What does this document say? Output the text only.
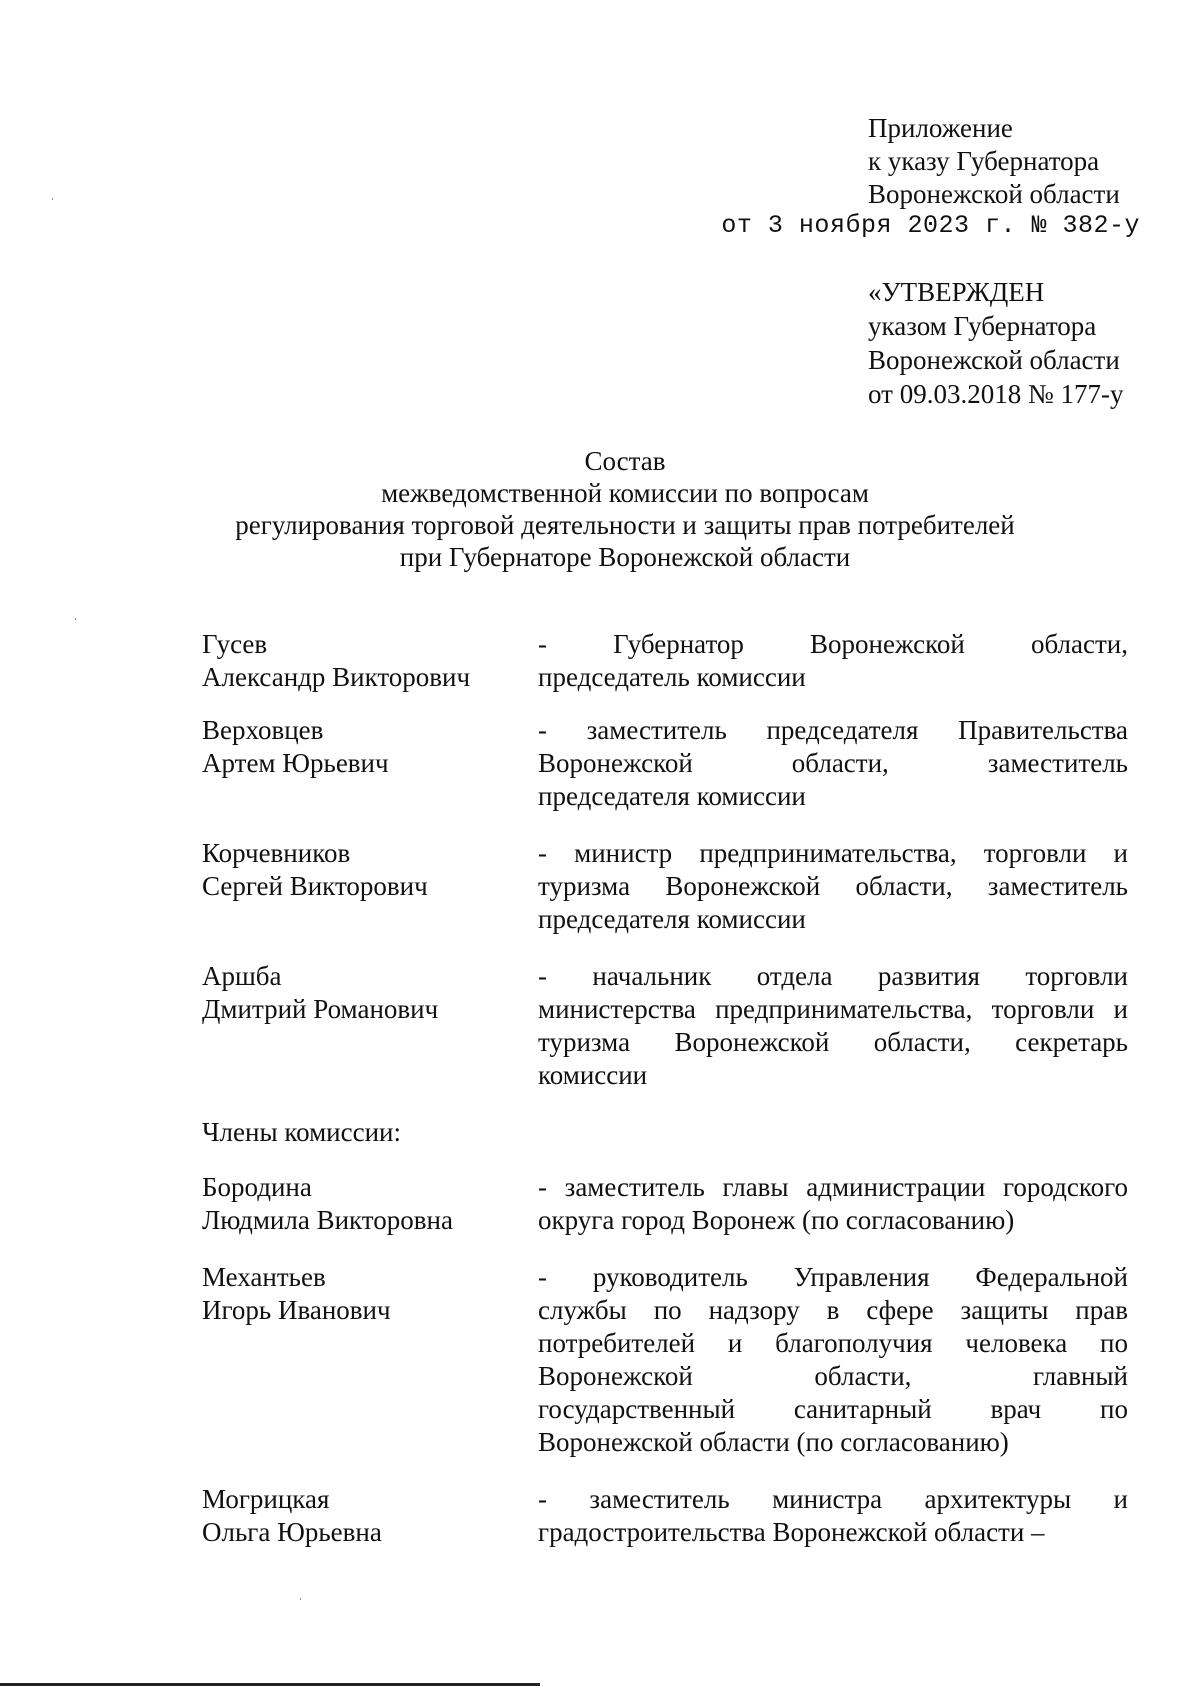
Приложение
к указу Губернатора
Воронежской области
от 3 ноября 2023 г. № 382-у
«УТВЕРЖДЕН
указом Губернатора
Воронежской области
от 09.03.2018 № 177-у
Состав
межведомственной комиссии по вопросам
регулирования торговой деятельности и защиты прав потребителей
при Губернаторе Воронежской области
Гусев
Александр Викторович
- Губернатор Воронежской области,
председатель комиссии
Верховцев
Артем Юрьевич
- заместитель председателя Правительства
Воронежской области, заместитель
председателя комиссии
Корчевников
Сергей Викторович
- министр предпринимательства, торговли и
туризма Воронежской области, заместитель
председателя комиссии
Аршба
Дмитрий Романович
- начальник отдела развития торговли
министерства предпринимательства, торговли и
туризма Воронежской области, секретарь
комиссии
Члены комиссии:
Бородина
Людмила Викторовна
- заместитель главы администрации городского
округа город Воронеж (по согласованию)
Механтьев
Игорь Иванович
- руководитель Управления Федеральной
службы по надзору в сфере защиты прав
потребителей и благополучия человека по
Воронежской области, главный
государственный санитарный врач по
Воронежской области (по согласованию)
Могрицкая
Ольга Юрьевна
- заместитель министра архитектуры и
градостроительства Воронежской области –
